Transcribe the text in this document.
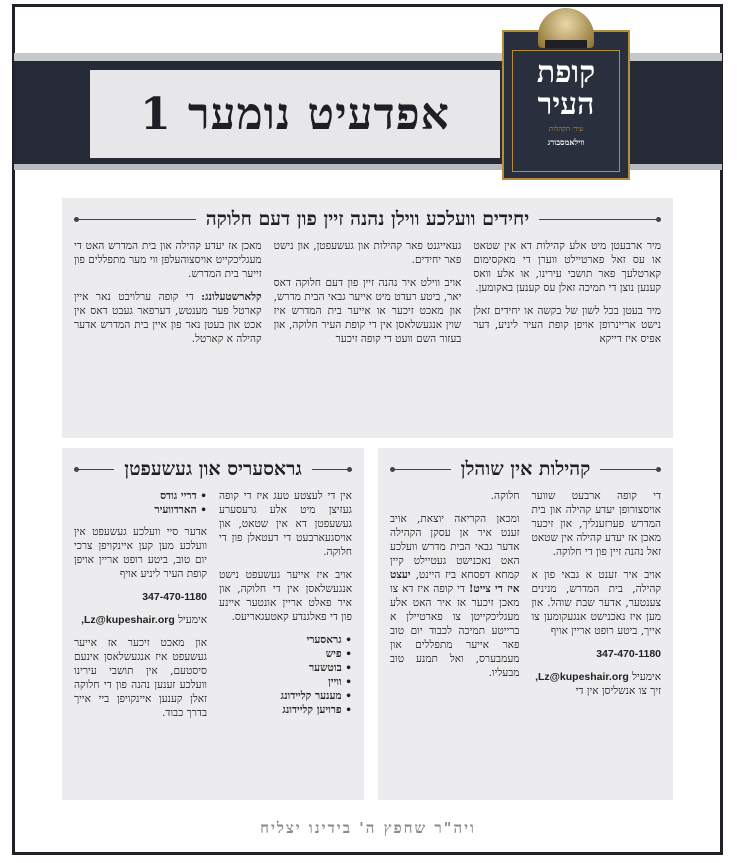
אפדעיט נומער 1
קופת
העיר
עיר׳ הקהלות
ווילאמסבורג
יחידים וועלכע ווילן נהנה זיין פון דעם חלוקה

מיר ארבעטן מיט אלע קהילות דא אין שטאט או עס זאל פארטיילט ווערן די מאקסימום קארטלעך פאר תושבי עירינו, או אלע וואס קענען נוצן די תמיכה זאלן עס קענען באקומען.

מיר בעטן בכל לשון של בקשה או יחידים זאלן נישט אריינרופן אויפן קופת העיר ליניע, דער אפיס איז דייקא

געאייגנט פאר קהילות און געשעפטן, און נישט פאר יחידים.

אויב ווילט איר נהנה זיין פון דעם חלוקה דאס יאר, ביטע רעדט מיט אייער גבאי הבית מדרש, און מאכט זיכער או אייער בית המדרש איז שוין אנגעשלאסן אין די קופת העיר חלוקה, און בעזור השם וועט די קופה זיכער

מאכן אז יעדע קהילה און בית המדרש האט די מעגליכקייט אויסצוהעלפן ווי מער מתפללים פון זייער בית המדרש.

קלארשטעלונג: די קופה ערלויבט נאר איין קארטל פער מענטש, דערפאר געבט דאס אין אכט און בעטן נאר פון איין בית המדרש אדער קהילה א קארטל.

קהילות אין שוהלן

די קופה ארבעט שווער אויסצורופן יעדע קהילה און בית המדרש פערזענליך, און זיכער מאכן אז יעדע קהילה אין שטאט זאל נהנה זיין פון די חלוקה.

אויב איר זענט א גבאי פון א קהילה, בית המדרש, מנינים צענטער, אדער שבת שוהל. און מען איז נאכנישט אנגעקומען צו אייך, ביטע רופט אריין אויף

347-470-1180

אימעיל Lz@kupeshair.org,

זיך צו אנשליסן אין די

חלוקה.

ומכאן הקריאה יוצאת, אויב זענט איר אן עסקן הקהילה אדער גבאי הבית מדרש וועלכע האט נאכנישט געטיילט קיין קמחא דפסחא ביז היינט, יעצט איז די צייט! די קופה איז דא צו מאכן זיכער אז איר האט אלע מעגליכקייטן צו פארטיילן א ברייטע תמיכה לכבוד יום טוב פאר אייער מתפללים און מעמבערס, ואל תמנע טוב מבעליו.

גראסעריס און געשעפטן

אין די לעצטע טעג איז די קופה געזיצן מיט אלע גרעסערע געשעפטן דא אין שטאט, און אויסגעארבעט די דעטאלן פון די חלוקה.

אויב איז אייער געשעפט נישט אנגעשלאסן אין די חלוקה, און איר פאלט אריין אונטער איינע פון די פאלגנדע קאטעגאריעס.

• גראסערי
• פיש
• בוטשער
• וויין
• מענער קליידונג
• פרויען קליידונג
• דריי גודס
• הארדוועיר

אדער סיי וועלכע געשעפט אין וועלכע מען קען איינקויפן צרכי יום טוב, ביטע רופט אריין אויפן קופת העיר ליניע אויף

347-470-1180

אימעיל Lz@kupeshair.org,

און מאכט זיכער אז אייער געשעפט איז אנגעשלאסן אינעם סיסטעם, אין תושבי עירינו וועלכע זענען נהנה פון די חלוקה זאלן קענען איינקויפן ביי אייך בדרך כבוד.

ויה"ר שחפץ ה' בידינו יצליח
